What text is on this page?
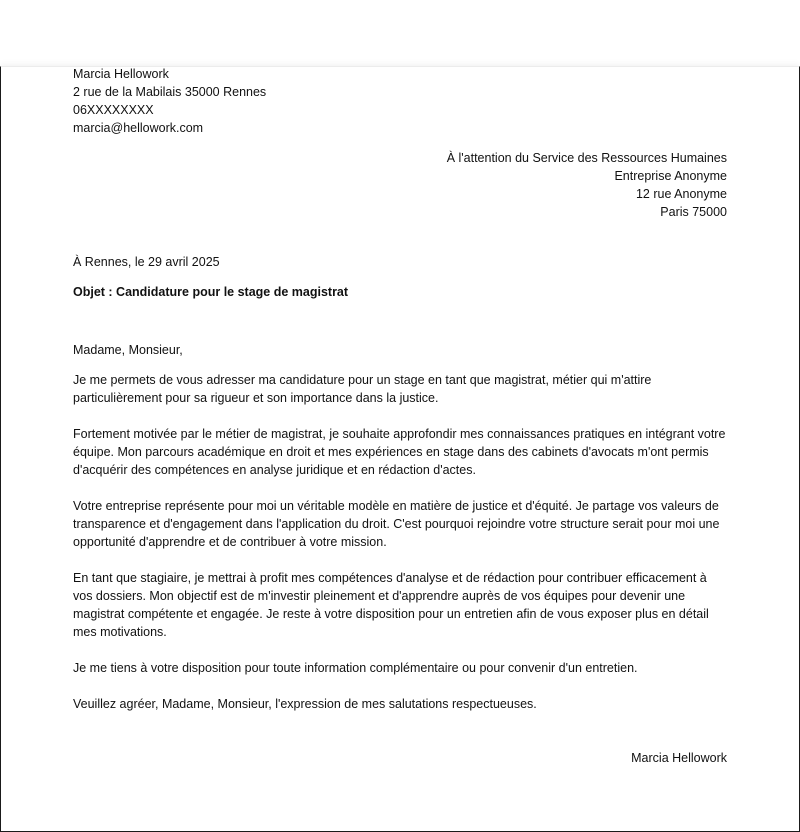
Marcia Hellowork
2 rue de la Mabilais 35000 Rennes
06XXXXXXXX
marcia@hellowork.com
À l'attention du Service des Ressources Humaines
Entreprise Anonyme
12 rue Anonyme
Paris 75000
À Rennes, le 29 avril 2025
Objet : Candidature pour le stage de magistrat
Madame, Monsieur,

Je me permets de vous adresser ma candidature pour un stage en tant que magistrat, métier qui m'attire particulièrement pour sa rigueur et son importance dans la justice.

Fortement motivée par le métier de magistrat, je souhaite approfondir mes connaissances pratiques en intégrant votre équipe. Mon parcours académique en droit et mes expériences en stage dans des cabinets d'avocats m'ont permis d'acquérir des compétences en analyse juridique et en rédaction d'actes.

Votre entreprise représente pour moi un véritable modèle en matière de justice et d'équité. Je partage vos valeurs de transparence et d'engagement dans l'application du droit. C'est pourquoi rejoindre votre structure serait pour moi une opportunité d'apprendre et de contribuer à votre mission.

En tant que stagiaire, je mettrai à profit mes compétences d'analyse et de rédaction pour contribuer efficacement à vos dossiers. Mon objectif est de m'investir pleinement et d'apprendre auprès de vos équipes pour devenir une magistrat compétente et engagée. Je reste à votre disposition pour un entretien afin de vous exposer plus en détail mes motivations.

Je me tiens à votre disposition pour toute information complémentaire ou pour convenir d'un entretien.

Veuillez agréer, Madame, Monsieur, l'expression de mes salutations respectueuses.
Marcia Hellowork
